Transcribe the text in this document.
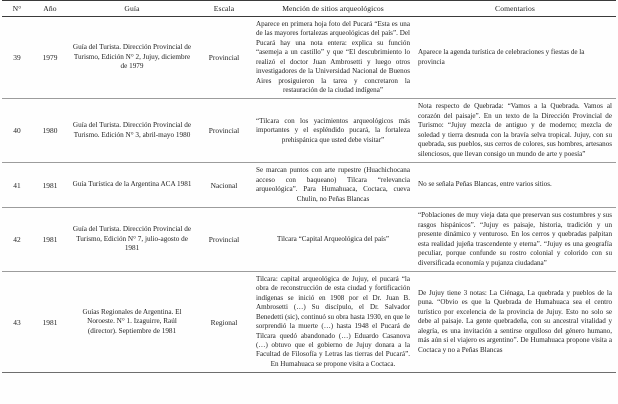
N°	Año	Guía	Escala	Mención de sitios arqueológicos	Comentarios
39	1979	Guía del Turista. Dirección Provincial de Turismo, Edición N° 2, Jujuy, diciembre de 1979	Provincial	Aparece en primera hoja foto del Pucará “Esta es una de las mayores fortalezas arqueológicas del país”. Del Pucará hay una nota entera: explica su función “asemeja a un castillo” y que “El descubrimiento lo realizó el doctor Juan Ambrosetti y luego otros investigadores de la Universidad Nacional de Buenos Aires prosiguieron la tarea y concretaron la restauración de la ciudad indígena”	Aparece la agenda turística de celebraciones y fiestas de la provincia
40	1980	Guía del Turista. Dirección Provincial de Turismo. Edición N° 3, abril-mayo 1980	Provincial	“Tilcara con los yacimientos arqueológicos más importantes y el espléndido pucará, la fortaleza prehispánica que usted debe visitar”	Nota respecto de Quebrada: “Vamos a la Quebrada. Vamos al corazón del paisaje”. En un texto de la Dirección Provincial de Turismo: “Jujuy mezcla de antiguo y de moderno; mezcla de soledad y tierra desnuda con la bravía selva tropical. Jujuy, con su quebrada, sus pueblos, sus cerros de colores, sus hombres, artesanos silenciosos, que llevan consigo un mundo de arte y poesía”
41	1981	Guía Turística de la Argentina ACA 1981	Nacional	Se marcan puntos con arte rupestre (Huachichocana acceso con baqueano) Tilcara “relevancia arqueológica”. Para Humahuaca, Coctaca, cueva Chulin, no Peñas Blancas	No se señala Peñas Blancas, entre varios sitios.
42	1981	Guía del Turista. Dirección Provincial de Turismo, Edición N° 7, julio-agosto de 1981	Provincial	Tilcara “Capital Arqueológica del país”	“Poblaciones de muy vieja data que preservan sus costumbres y sus rasgos hispánicos”. “Jujuy es paisaje, historia, tradición y un presente dinámico y venturoso. En los cerros y quebradas palpitan esta realidad jujeña trascendente y eterna”. “Jujuy es una geografía peculiar, porque confunde su rostro colonial y colorido con su diversificada economía y pujanza ciudadana”
43	1981	Guías Regionales de Argentina. El Noroeste. N° 1. Izaguirre, Raúl (director). Septiembre de 1981	Regional	Tilcara: capital arqueológica de Jujuy, el pucará “la obra de reconstrucción de esta ciudad y fortificación indígenas se inició en 1908 por el Dr. Juan B. Ambrosetti (…) Su discípulo, el Dr. Salvador Benedetti (sic), continuó su obra hasta 1930, en que le sorprendió la muerte (…) hasta 1948 el Pucará de Tilcara quedó abandonado (…) Eduardo Casanova (…) obtuvo que el gobierno de Jujuy donara a la Facultad de Filosofía y Letras las tierras del Pucará”. En Humahuaca se propone visita a Coctaca.	De Jujuy tiene 3 notas: La Ciénaga, La quebrada y pueblos de la puna. “Obvio es que la Quebrada de Humahuaca sea el centro turístico por excelencia de la provincia de Jujuy. Esto no solo se debe al paisaje. La gente quebradeña, con su ancestral vitalidad y alegría, es una invitación a sentirse orgulloso del género humano, más aún si el viajero es argentino”. De Humahuaca propone visita a Coctaca y no a Peñas Blancas
